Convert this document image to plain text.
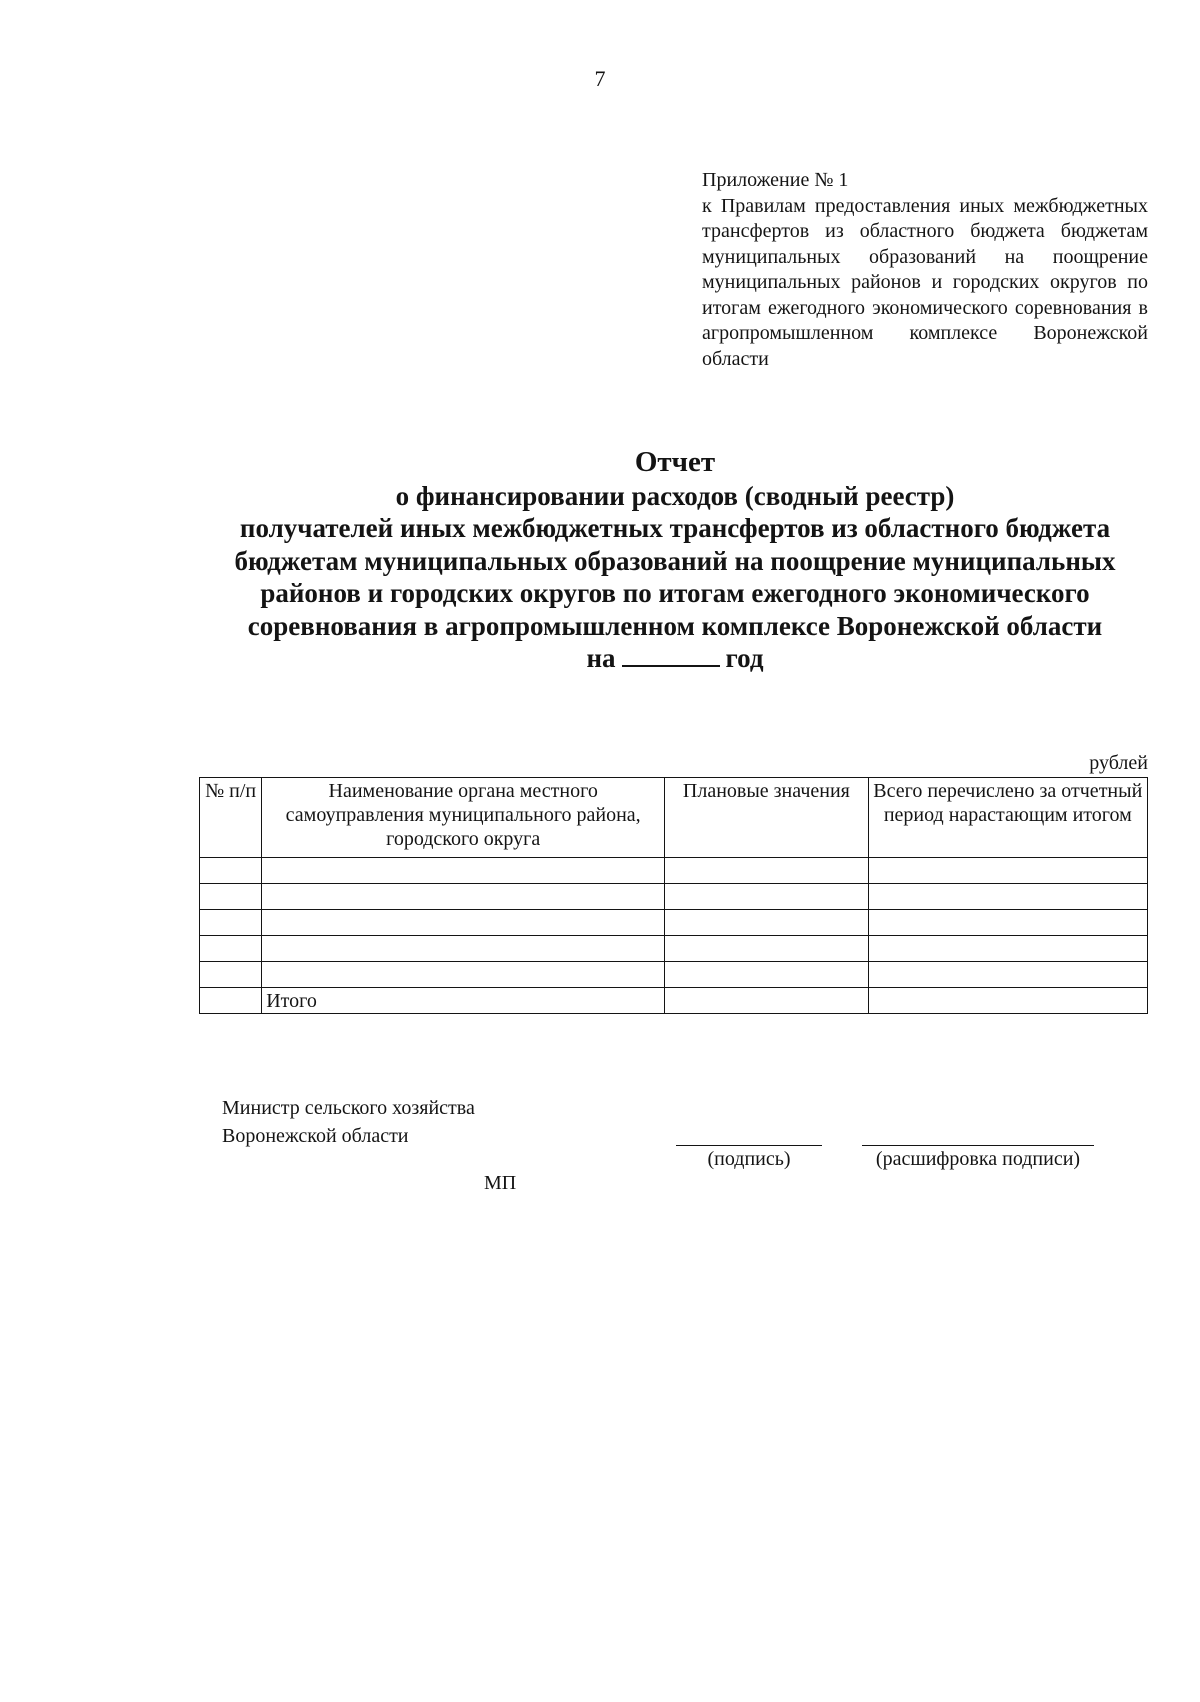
7
Приложение № 1
к Правилам предоставления иных межбюджетных трансфертов из областного бюджета бюджетам муниципальных образований на поощрение муниципальных районов и городских округов по итогам ежегодного экономического соревнования в агропромышленном комплексе Воронежской области
Отчет
о финансировании расходов (сводный реестр)
получателей иных межбюджетных трансфертов из областного бюджета
бюджетам муниципальных образований на поощрение муниципальных
районов и городских округов по итогам ежегодного экономического
соревнования в агропромышленном комплексе Воронежской области
на	год
рублей
№ п/п	Наименование органа местного самоуправления муниципального района, городского округа	Плановые значения	Всего перечислено за отчетный период нарастающим итогом

	Итого		
Министр сельского хозяйства
Воронежской области
(подпись)	(расшифровка подписи)
МП
